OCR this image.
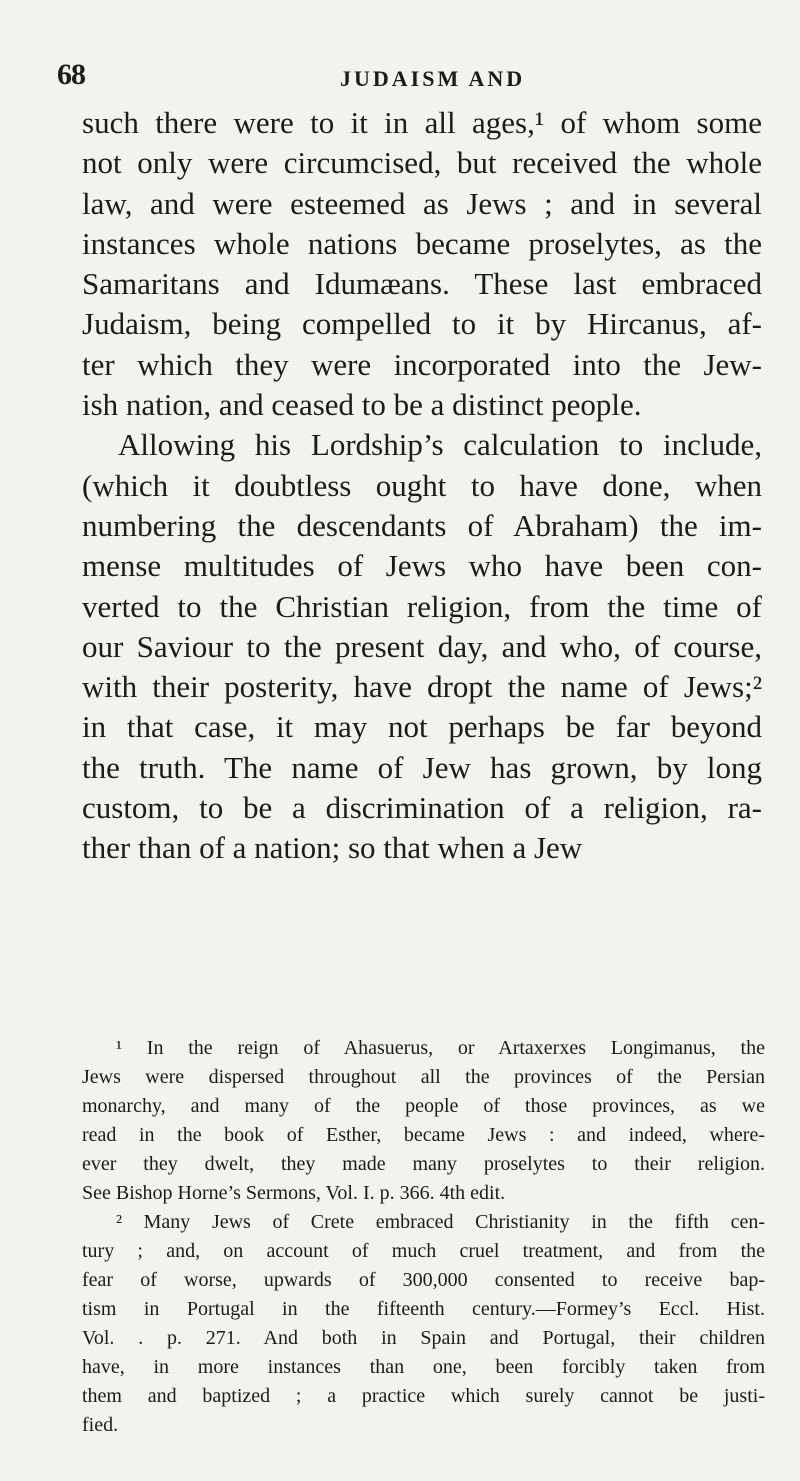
68	JUDAISM AND
such there were to it in all ages,¹ of whom some
not only were circumcised, but received the whole
law, and were esteemed as Jews ; and in several
instances whole nations became proselytes, as the
Samaritans and Idumæans. These last embraced
Judaism, being compelled to it by Hircanus, af-
ter which they were incorporated into the Jew-
ish nation, and ceased to be a distinct people.
Allowing his Lordship’s calculation to include,
(which it doubtless ought to have done, when
numbering the descendants of Abraham) the im-
mense multitudes of Jews who have been con-
verted to the Christian religion, from the time of
our Saviour to the present day, and who, of course,
with their posterity, have dropt the name of Jews;²
in that case, it may not perhaps be far beyond
the truth. The name of Jew has grown, by long
custom, to be a discrimination of a religion, ra-
ther than of a nation; so that when a Jew
¹ In the reign of Ahasuerus, or Artaxerxes Longimanus, the
Jews were dispersed throughout all the provinces of the Persian
monarchy, and many of the people of those provinces, as we
read in the book of Esther, became Jews : and indeed, where-
ever they dwelt, they made many proselytes to their religion.
See Bishop Horne’s Sermons, Vol. I. p. 366. 4th edit.
² Many Jews of Crete embraced Christianity in the fifth cen-
tury ; and, on account of much cruel treatment, and from the
fear of worse, upwards of 300,000 consented to receive bap-
tism in Portugal in the fifteenth century.—Formey’s Eccl. Hist.
Vol. . p. 271. And both in Spain and Portugal, their children
have, in more instances than one, been forcibly taken from
them and baptized ; a practice which surely cannot be justi-
fied.
